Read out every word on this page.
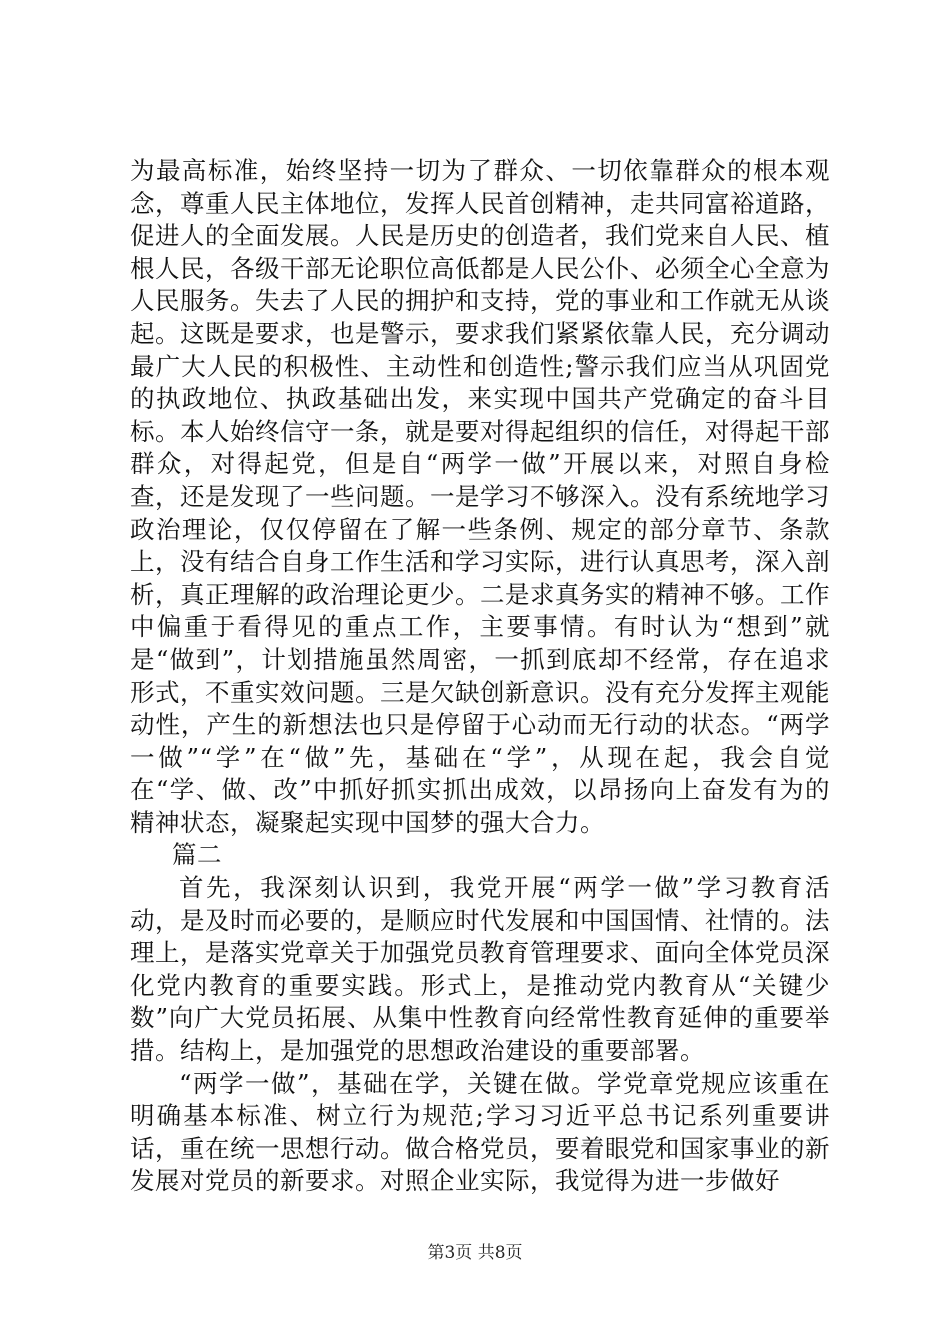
为最高标准，始终坚持一切为了群众、一切依靠群众的根本观念，尊重人民主体地位，发挥人民首创精神，走共同富裕道路，促进人的全面发展。人民是历史的创造者，我们党来自人民、植根人民，各级干部无论职位高低都是人民公仆、必须全心全意为人民服务。失去了人民的拥护和支持，党的事业和工作就无从谈起。这既是要求，也是警示，要求我们紧紧依靠人民，充分调动最广大人民的积极性、主动性和创造性;警示我们应当从巩固党的执政地位、执政基础出发，来实现中国共产党确定的奋斗目标。本人始终信守一条，就是要对得起组织的信任，对得起干部群众，对得起党，但是自“两学一做”开展以来，对照自身检查，还是发现了一些问题。一是学习不够深入。没有系统地学习政治理论，仅仅停留在了解一些条例、规定的部分章节、条款上，没有结合自身工作生活和学习实际，进行认真思考，深入剖析，真正理解的政治理论更少。二是求真务实的精神不够。工作中偏重于看得见的重点工作，主要事情。有时认为“想到”就是“做到”，计划措施虽然周密，一抓到底却不经常，存在追求形式，不重实效问题。三是欠缺创新意识。没有充分发挥主观能动性，产生的新想法也只是停留于心动而无行动的状态。“两学一做”“学”在“做”先，基础在“学”，从现在起，我会自觉在“学、做、改”中抓好抓实抓出成效，以昂扬向上奋发有为的精神状态，凝聚起实现中国梦的强大合力。

篇二

首先，我深刻认识到，我党开展“两学一做”学习教育活动，是及时而必要的，是顺应时代发展和中国国情、社情的。法理上，是落实党章关于加强党员教育管理要求、面向全体党员深化党内教育的重要实践。形式上，是推动党内教育从“关键少数”向广大党员拓展、从集中性教育向经常性教育延伸的重要举措。结构上，是加强党的思想政治建设的重要部署。

“两学一做”，基础在学，关键在做。学党章党规应该重在明确基本标准、树立行为规范;学习习近平总书记系列重要讲话，重在统一思想行动。做合格党员，要着眼党和国家事业的新发展对党员的新要求。对照企业实际，我觉得为进一步做好

第3页 共8页
